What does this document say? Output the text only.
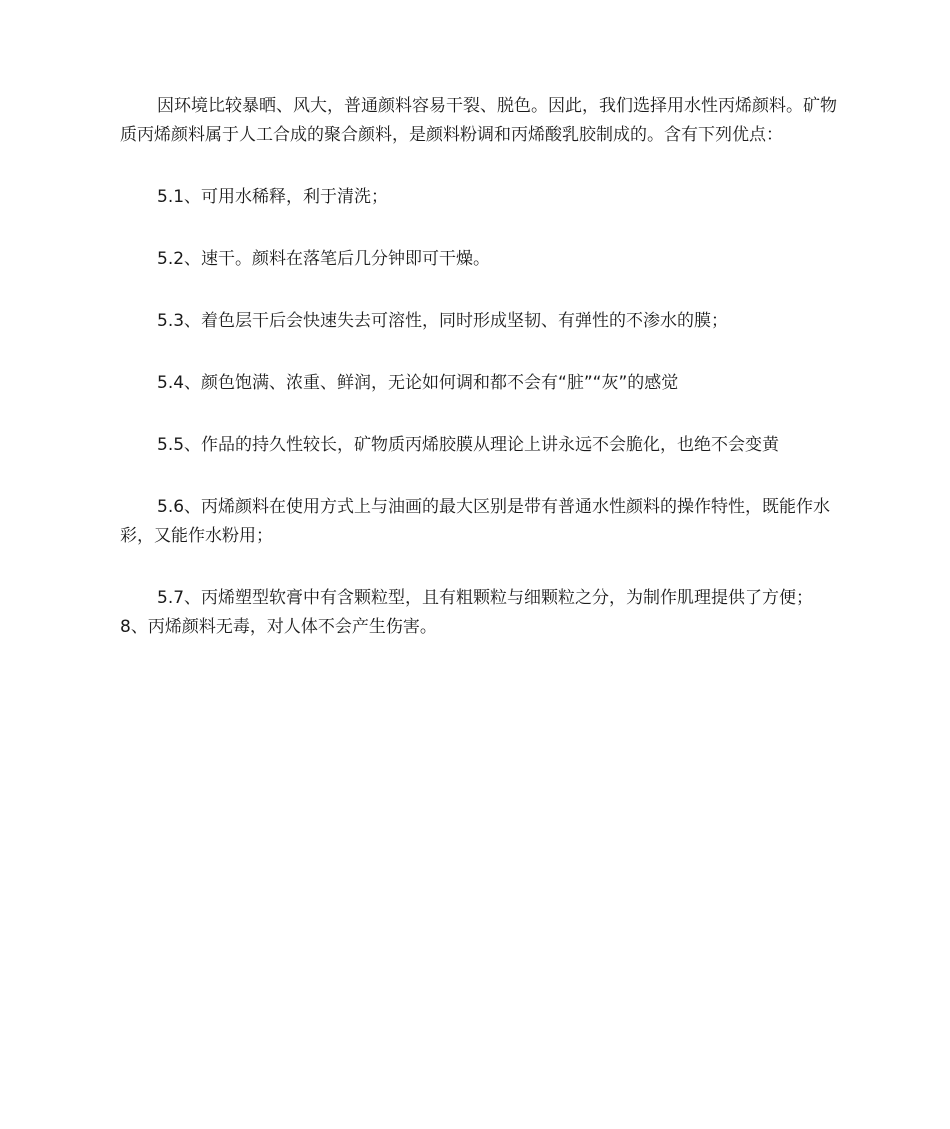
因环境比较暴晒、风大，普通颜料容易干裂、脱色。因此，我们选择用水性丙烯颜料。矿物质丙烯颜料属于人工合成的聚合颜料，是颜料粉调和丙烯酸乳胶制成的。含有下列优点：

5.1、可用水稀释，利于清洗；

5.2、速干。颜料在落笔后几分钟即可干燥。

5.3、着色层干后会快速失去可溶性，同时形成坚韧、有弹性的不渗水的膜；

5.4、颜色饱满、浓重、鲜润，无论如何调和都不会有“脏”“灰”的感觉

5.5、作品的持久性较长，矿物质丙烯胶膜从理论上讲永远不会脆化，也绝不会变黄

5.6、丙烯颜料在使用方式上与油画的最大区别是带有普通水性颜料的操作特性，既能作水彩，又能作水粉用；

5.7、丙烯塑型软膏中有含颗粒型，且有粗颗粒与细颗粒之分，为制作肌理提供了方便；8、丙烯颜料无毒，对人体不会产生伤害。
